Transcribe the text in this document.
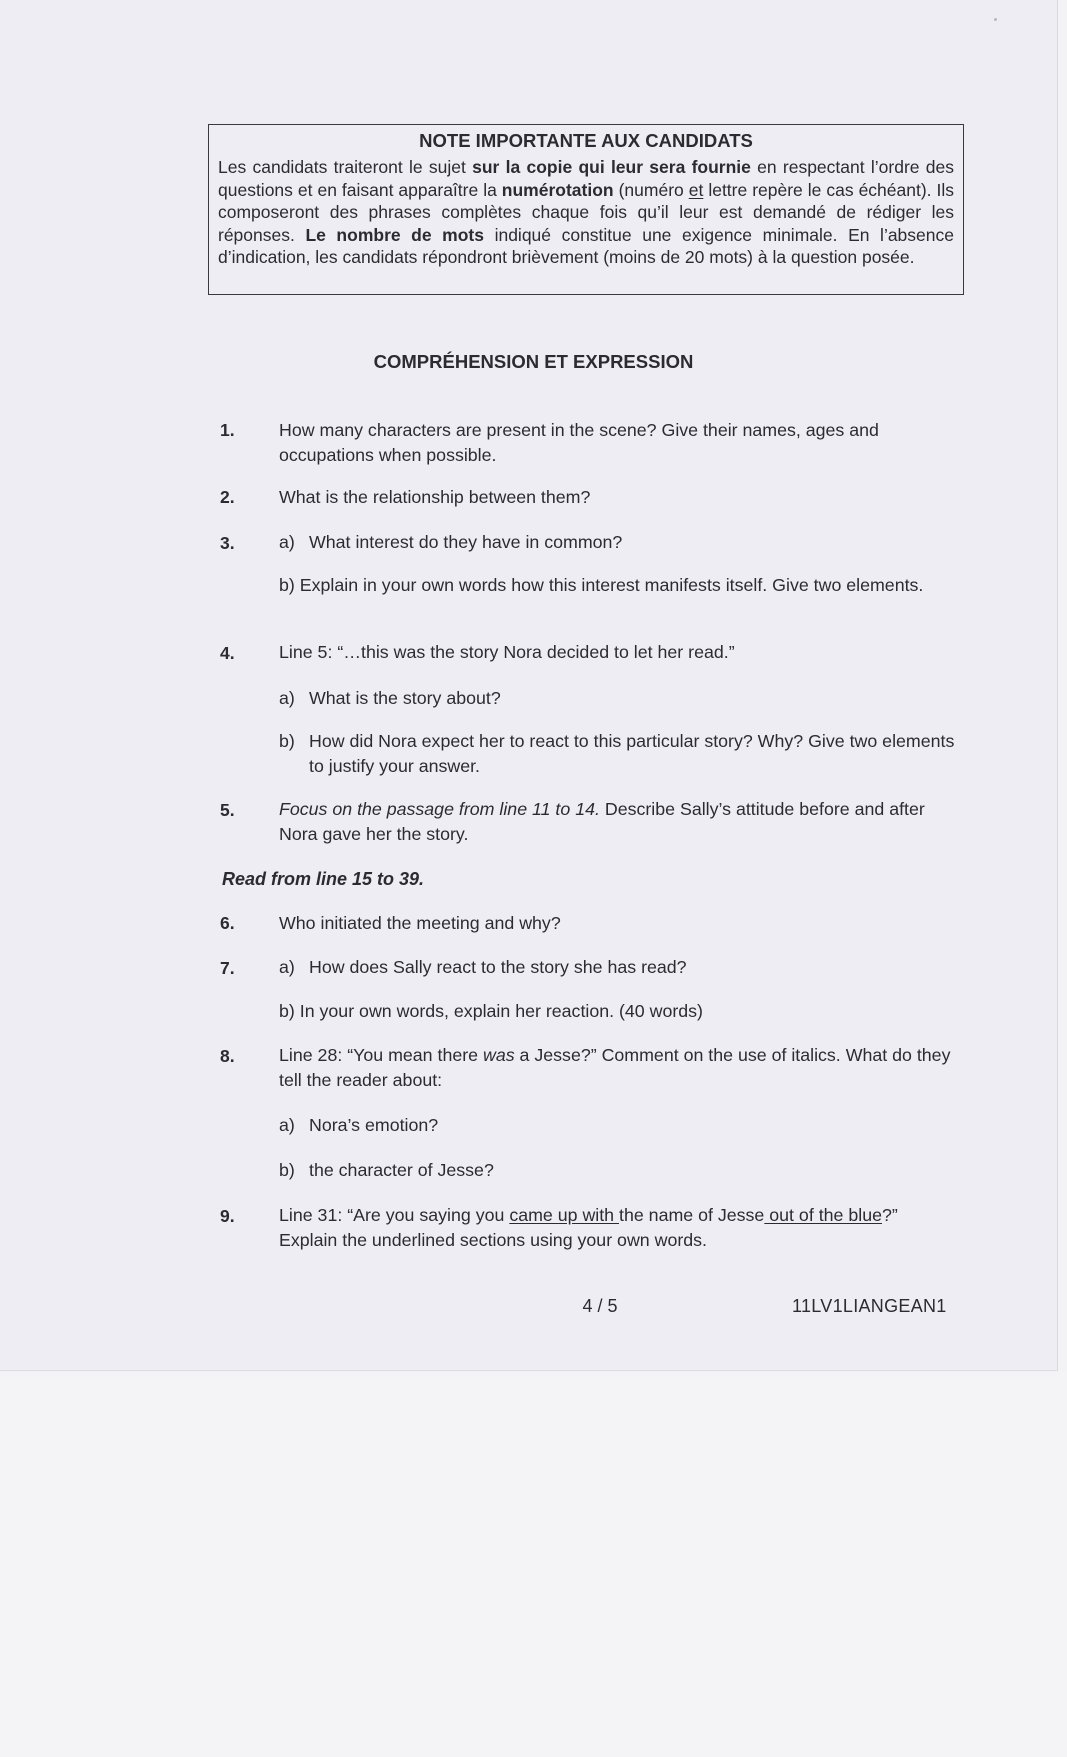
NOTE IMPORTANTE AUX CANDIDATS

Les candidats traiteront le sujet sur la copie qui leur sera fournie en respectant l’ordre des questions et en faisant apparaître la numérotation (numéro et lettre repère le cas échéant). Ils composeront des phrases complètes chaque fois qu’il leur est demandé de rédiger les réponses. Le nombre de mots indiqué constitue une exigence minimale. En l’absence d’indication, les candidats répondront brièvement (moins de 20 mots) à la question posée.

COMPRÉHENSION ET EXPRESSION
1. How many characters are present in the scene? Give their names, ages and occupations when possible.
2. What is the relationship between them?
3. a) What interest do they have in common?
b) Explain in your own words how this interest manifests itself. Give two elements.
4. Line 5: “…this was the story Nora decided to let her read.”
a) What is the story about?
b) How did Nora expect her to react to this particular story? Why? Give two elements to justify your answer.
5. Focus on the passage from line 11 to 14. Describe Sally’s attitude before and after Nora gave her the story.
Read from line 15 to 39.
6. Who initiated the meeting and why?
7. a) How does Sally react to the story she has read?
b) In your own words, explain her reaction. (40 words)
8. Line 28: “You mean there was a Jesse?” Comment on the use of italics. What do they tell the reader about:
a) Nora’s emotion?
b) the character of Jesse?
9. Line 31: “Are you saying you came up with the name of Jesse out of the blue?” Explain the underlined sections using your own words.
4 / 5	11LV1LIANGEAN1
